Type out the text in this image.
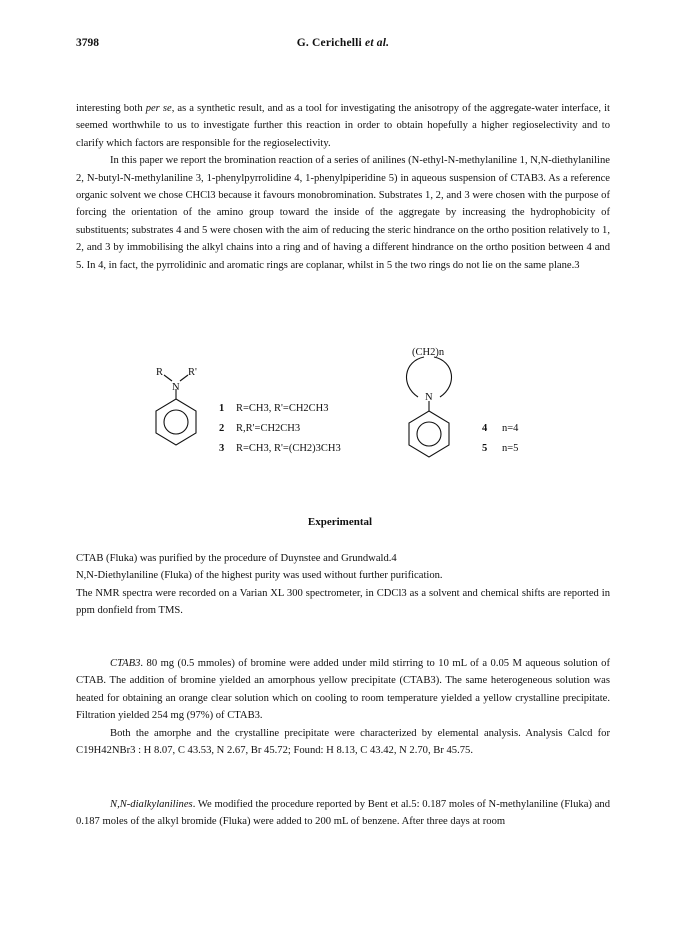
3798	G. Cerichelli et al.

interesting both per se, as a synthetic result, and as a tool for investigating the anisotropy of the aggregate-water interface, it seemed worthwhile to us to investigate further this reaction in order to obtain hopefully a higher regioselectivity and to clarify which factors are responsible for the regioselectivity.

In this paper we report the bromination reaction of a series of anilines (N-ethyl-N-methylaniline 1, N,N-diethylaniline 2, N-butyl-N-methylaniline 3, 1-phenylpyrrolidine 4, 1-phenylpiperidine 5) in aqueous suspension of CTAB3. As a reference organic solvent we chose CHCl3 because it favours monobromination. Substrates 1, 2, and 3 were chosen with the purpose of forcing the orientation of the amino group toward the inside of the aggregate by increasing the hydrophobicity of substituents; substrates 4 and 5 were chosen with the aim of reducing the steric hindrance on the ortho position relatively to 1, 2, and 3 by immobilising the alkyl chains into a ring and of having a different hindrance on the ortho position between 4 and 5. In 4, in fact, the pyrrolidinic and aromatic rings are coplanar, whilst in 5 the two rings do not lie on the same plane.3

R R'
N
1 R=CH3, R'=CH2CH3
2 R,R'=CH2CH3
3 R=CH3, R'=(CH2)3CH3
(CH2)n
N
4 n=4
5 n=5
Experimental

CTAB (Fluka) was purified by the procedure of Duynstee and Grundwald.4

N,N-Diethylaniline (Fluka) of the highest purity was used without further purification.

The NMR spectra were recorded on a Varian XL 300 spectrometer, in CDCl3 as a solvent and chemical shifts are reported in ppm donfield from TMS.

CTAB3. 80 mg (0.5 mmoles) of bromine were added under mild stirring to 10 mL of a 0.05 M aqueous solution of CTAB. The addition of bromine yielded an amorphous yellow precipitate (CTAB3). The same heterogeneous solution was heated for obtaining an orange clear solution which on cooling to room temperature yielded a yellow crystalline precipitate. Filtration yielded 254 mg (97%) of CTAB3.

Both the amorphe and the crystalline precipitate were characterized by elemental analysis. Analysis Calcd for C19H42NBr3 : H 8.07, C 43.53, N 2.67, Br 45.72; Found: H 8.13, C 43.42, N 2.70, Br 45.75.

N,N-dialkylanilines. We modified the procedure reported by Bent et al.5: 0.187 moles of N-methylaniline (Fluka) and 0.187 moles of the alkyl bromide (Fluka) were added to 200 mL of benzene. After three days at room
